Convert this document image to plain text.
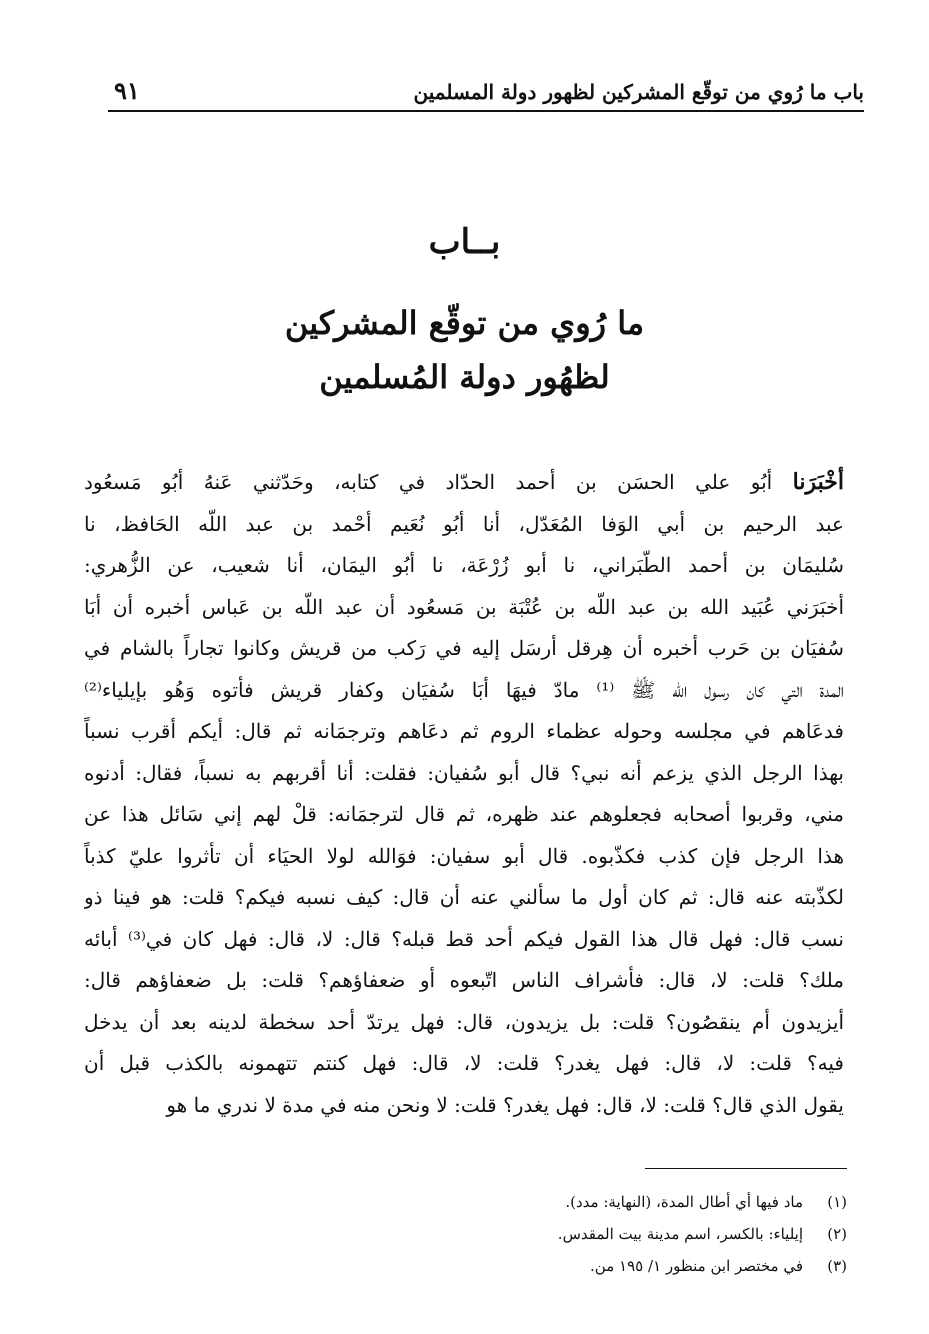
باب ما رُوي من توقّع المشركين لظهور دولة المسلمين
٩١
بــاب
ما رُوي من توقّع المشركين
لظهُور دولة المُسلمين
أخْبَرَنا أبُو علي الحسَن بن أحمد الحدّاد في كتابه، وحَدّثني عَنهُ أبُو مَسعُود
عبد الرحيم بن أبي الوَفا المُعَدّل، أنا أبُو نُعَيم أحْمد بن عبد اللّه الحَافظ، نا
سُليمَان بن أحمد الطّبَراني، نا أبو زُرْعَة، نا أبُو اليمَان، أنا شعيب، عن الزُّهري:
أخبَرَني عُبَيد الله بن عبد اللّه بن عُتْبَة بن مَسعُود أن عبد اللّه بن عَباس أخبره أن أبَا
سُفيَان بن حَرب أخبره أن هِرقل أرسَل إليه في رَكب من قريش وكانوا تجاراً بالشام في
المدة التي كان رسول الله ﷺ ⁽¹⁾ مادّ فيهَا أبَا سُفيَان وكفار قريش فأتوه وَهُو بإيلياء⁽²⁾
فدعَاهم في مجلسه وحوله عظماء الروم ثم دعَاهم وترجمَانه ثم قال: أيكم أقرب نسباً
بهذا الرجل الذي يزعم أنه نبي؟ قال أبو سُفيان: فقلت: أنا أقربهم به نسباً، فقال: أدنوه
مني، وقربوا أصحابه فجعلوهم عند ظهره، ثم قال لترجمَانه: قلْ لهم إني سَائل هذا عن
هذا الرجل فإن كذب فكذّبوه. قال أبو سفيان: فوَالله لولا الحيَاء أن تأثروا عليّ كذباً
لكذّبته عنه قال: ثم كان أول ما سألني عنه أن قال: كيف نسبه فيكم؟ قلت: هو فينا ذو
نسب قال: فهل قال هذا القول فيكم أحد قط قبله؟ قال: لا، قال: فهل كان في⁽³⁾ أبائه
ملك؟ قلت: لا، قال: فأشراف الناس اتّبعوه أو ضعفاؤهم؟ قلت: بل ضعفاؤهم قال:
أيزيدون أم ينقصُون؟ قلت: بل يزيدون، قال: فهل يرتدّ أحد سخطة لدينه بعد أن يدخل
فيه؟ قلت: لا، قال: فهل يغدر؟ قلت: لا، قال: فهل كنتم تتهمونه بالكذب قبل أن
يقول الذي قال؟ قلت: لا، قال: فهل يغدر؟ قلت: لا ونحن منه في مدة لا ندري ما هو
(١)
ماد فيها أي أطال المدة، (النهاية: مدد).
(٢)
إيلياء: بالكسر، اسم مدينة بيت المقدس.
(٣)
في مختصر ابن منظور ١/ ١٩٥ من.
